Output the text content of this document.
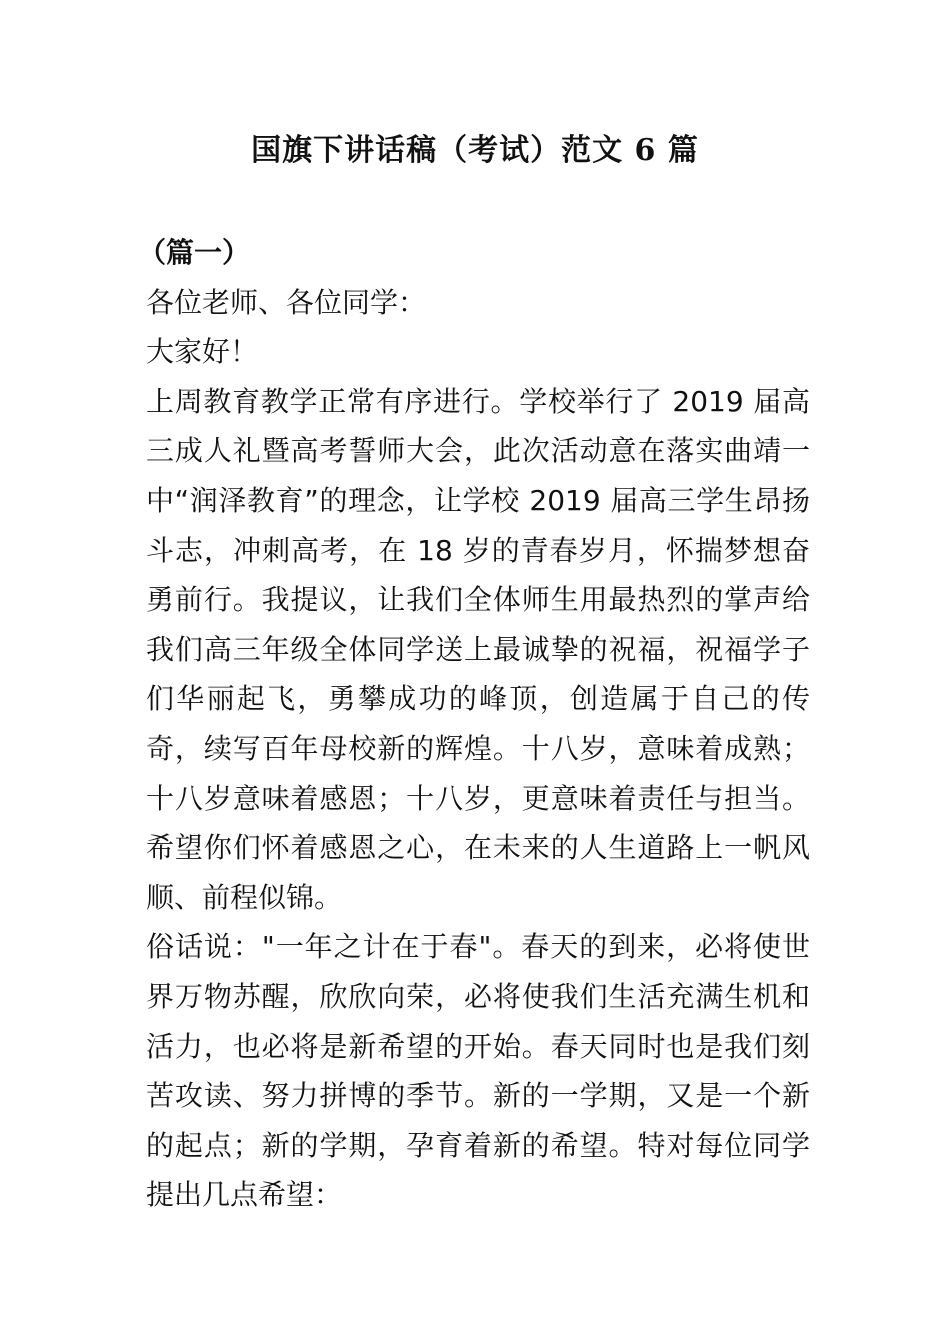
国旗下讲话稿（考试）范文 6 篇

（篇一）

各位老师、各位同学：

大家好！

上周教育教学正常有序进行。学校举行了 2019 届高三成人礼暨高考誓师大会，此次活动意在落实曲靖一中“润泽教育”的理念，让学校 2019 届高三学生昂扬斗志，冲刺高考，在 18 岁的青春岁月，怀揣梦想奋勇前行。我提议，让我们全体师生用最热烈的掌声给我们高三年级全体同学送上最诚挚的祝福，祝福学子们华丽起飞，勇攀成功的峰顶，创造属于自己的传奇，续写百年母校新的辉煌。十八岁，意味着成熟；十八岁意味着感恩；十八岁，更意味着责任与担当。希望你们怀着感恩之心，在未来的人生道路上一帆风顺、前程似锦。

俗话说："一年之计在于春"。春天的到来，必将使世界万物苏醒，欣欣向荣，必将使我们生活充满生机和活力，也必将是新希望的开始。春天同时也是我们刻苦攻读、努力拼博的季节。新的一学期，又是一个新的起点；新的学期，孕育着新的希望。特对每位同学提出几点希望：
